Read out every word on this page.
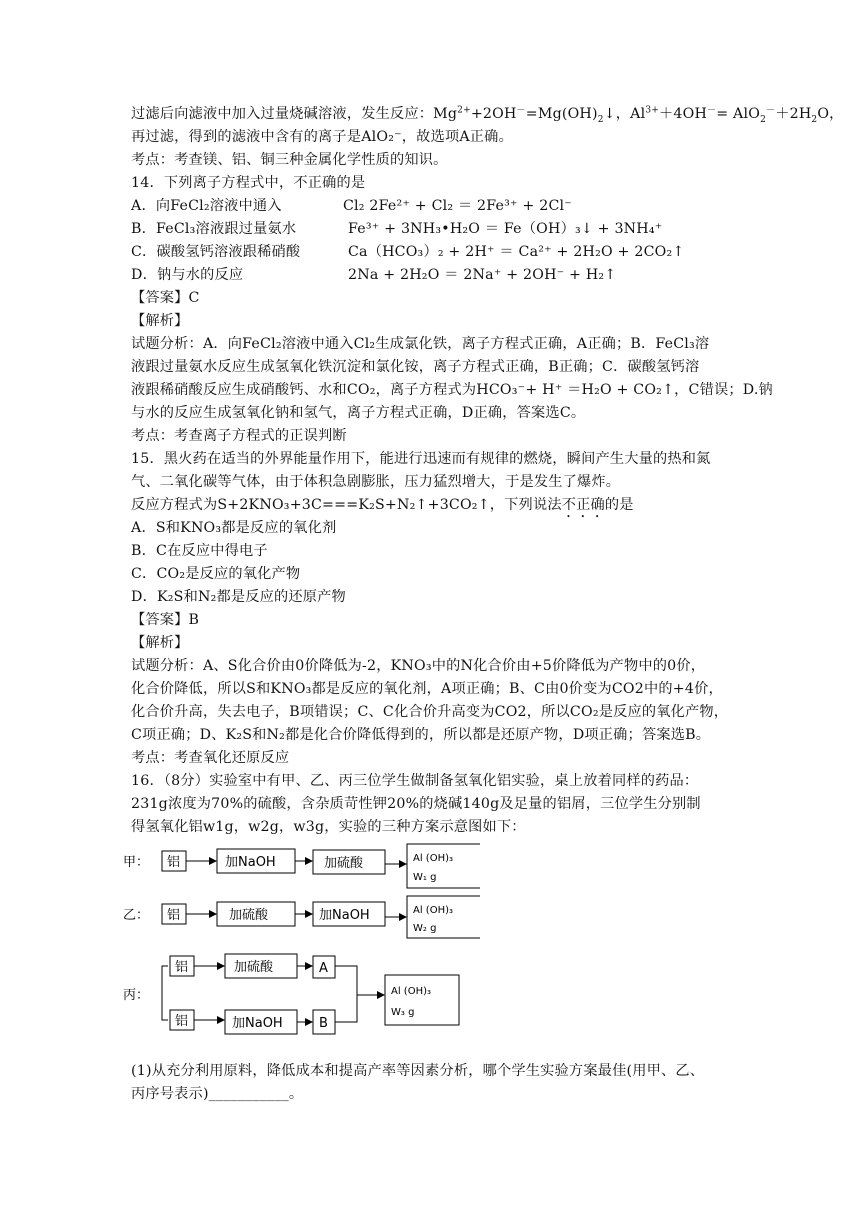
过滤后向滤液中加入过量烧碱溶液，发生反应：$Mg^{2+}+2OH^-=Mg(OH)_2↓$，$Al^{3+}+4OH^-= AlO_2^-+2H_2O$，
再过滤，得到的滤液中含有的离子是AlO₂⁻，故选项A正确。
考点：考查镁、铝、铜三种金属化学性质的知识。
14．下列离子方程式中，不正确的是
A．向FeCl₂溶液中通入	Cl₂ 2Fe²⁺ + Cl₂ ＝ 2Fe³⁺ + 2Cl⁻
B．FeCl₃溶液跟过量氨水	Fe³⁺ + 3NH₃•H₂O ＝ Fe（OH）₃↓ + 3NH₄⁺
C．碳酸氢钙溶液跟稀硝酸	Ca（HCO₃）₂ + 2H⁺ ＝ Ca²⁺ + 2H₂O + 2CO₂↑
D．钠与水的反应	2Na + 2H₂O ＝ 2Na⁺ + 2OH⁻ + H₂↑
【答案】C
【解析】
试题分析：A．向FeCl₂溶液中通入Cl₂生成氯化铁，离子方程式正确，A正确；B．FeCl₃溶
液跟过量氨水反应生成氢氧化铁沉淀和氯化铵，离子方程式正确，B正确；C．碳酸氢钙溶
液跟稀硝酸反应生成硝酸钙、水和CO₂，离子方程式为HCO₃⁻+ H⁺ ＝H₂O + CO₂↑，C错误；D.钠
与水的反应生成氢氧化钠和氢气，离子方程式正确，D正确，答案选C。
考点：考查离子方程式的正误判断
15．黑火药在适当的外界能量作用下，能进行迅速而有规律的燃烧，瞬间产生大量的热和氮
气、二氧化碳等气体，由于体积急剧膨胀，压力猛烈增大，于是发生了爆炸。
反应方程式为S+2KNO₃+3C===K₂S+N₂↑+3CO₂↑，下列说法不正确的是
A．S和KNO₃都是反应的氧化剂
B．C在反应中得电子
C．CO₂是反应的氧化产物
D．K₂S和N₂都是反应的还原产物
【答案】B
【解析】
试题分析：A、S化合价由0价降低为-2，KNO₃中的N化合价由+5价降低为产物中的0价，
化合价降低，所以S和KNO₃都是反应的氧化剂，A项正确；B、C由0价变为CO2中的+4价，
化合价升高，失去电子，B项错误；C、C化合价升高变为CO2，所以CO₂是反应的氧化产物，
C项正确；D、K₂S和N₂都是化合价降低得到的，所以都是还原产物，D项正确；答案选B。
考点：考查氧化还原反应
16．（8分）实验室中有甲、乙、丙三位学生做制备氢氧化铝实验，桌上放着同样的药品：
231g浓度为70%的硫酸，含杂质苛性钾20%的烧碱140g及足量的铝屑，三位学生分别制
得氢氧化铝w1g，w2g，w3g，实验的三种方案示意图如下：
甲： 铝	加NaOH	加硫酸	Al (OH)₃
W₁ g
乙： 铝	加硫酸	加NaOH	Al (OH)₃
W₂ g
丙：
铝	加硫酸	A
铝	加NaOH	B
Al (OH)₃
W₃ g
(1)从充分利用原料，降低成本和提高产率等因素分析，哪个学生实验方案最佳(用甲、乙、
丙序号表示)___________。
